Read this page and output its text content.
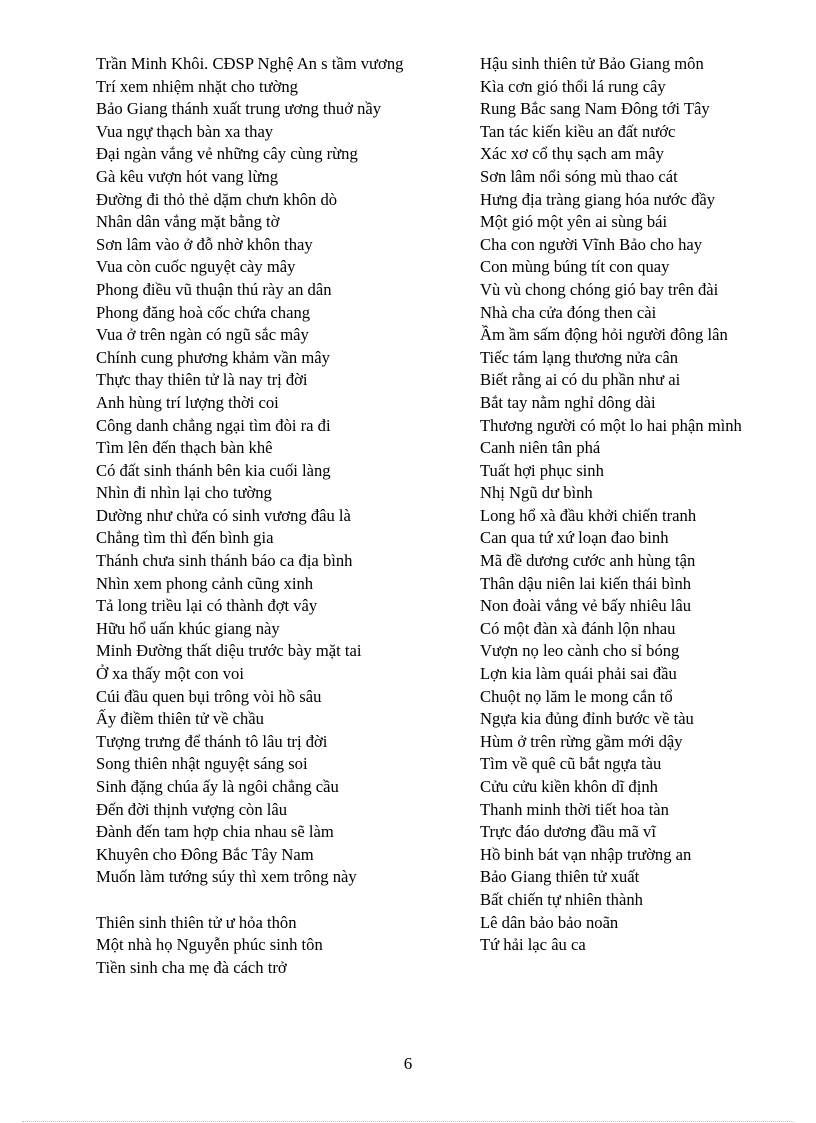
Trần Minh Khôi. CĐSP Nghệ An s tầm vương
Trí xem nhiệm nhặt cho tường
Bảo Giang thánh xuất trung ương thuở nầy
Vua ngự thạch bàn xa thay
Đại ngàn vắng vẻ những cây cùng rừng
Gà kêu vượn hót vang lừng
Đường đi thỏ thẻ dặm chưn khôn dò
Nhân dân vắng mặt bằng tờ
Sơn lâm vào ở đỗ nhờ khôn thay
Vua còn cuốc nguyệt cày mây
Phong điều vũ thuận thú rày an dân
Phong đăng hoà cốc chứa chang
Vua ở trên ngàn có ngũ sắc mây
Chính cung phương khảm vần mây
Thực thay thiên tử là nay trị đời
Anh hùng trí lượng thời coi
Công danh chẳng ngại tìm đòi ra đi
Tìm lên đến thạch bàn khê
Có đất sinh thánh bên kia cuối làng
Nhìn đi nhìn lại cho tường
Dường như chửa có sinh vương đâu là
Chẳng tìm thì đến bình gia
Thánh chưa sinh thánh báo ca địa bình
Nhìn xem phong cảnh cũng xinh
Tả long triều lại có thành đợt vây
Hữu hổ uấn khúc giang này
Minh Đường thất diệu trước bày mặt tai
Ở xa thấy một con voi
Cúi đầu quen bụi trông vòi hồ sâu
Ấy điềm thiên tử về chầu
Tượng trưng để thánh tô lâu trị đời
Song thiên nhật nguyệt sáng soi
Sinh đặng chúa ấy là ngôi chẳng cầu
Đến đời thịnh vượng còn lâu
Đành đến tam hợp chia nhau sẽ làm
Khuyên cho Đông Bắc Tây Nam
Muốn làm tướng súy thì xem trông này
Thiên sinh thiên tử ư hỏa thôn
Một nhà họ Nguyễn phúc sinh tôn
Tiền sinh cha mẹ đà cách trở
Hậu sinh thiên tử Bảo Giang môn
Kìa cơn gió thổi lá rung cây
Rung Bắc sang Nam Đông tới Tây
Tan tác kiến kiều an đất nước
Xác xơ cổ thụ sạch am mây
Sơn lâm nổi sóng mù thao cát
Hưng địa tràng giang hóa nước đầy
Một gió một yên ai sùng bái
Cha con người Vĩnh Bảo cho hay
Con mùng búng tít con quay
Vù vù chong chóng gió bay trên đài
Nhà cha cửa đóng then cài
Ầm ầm sấm động hỏi người đông lân
Tiếc tám lạng thương nửa cân
Biết rằng ai có du phần như ai
Bắt tay nằm nghỉ dông dài
Thương người có một lo hai phận mình
Canh niên tân phá
Tuất hợi phục sinh
Nhị Ngũ dư bình
Long hổ xà đầu khởi chiến tranh
Can qua tứ xứ loạn đao binh
Mã đề dương cước anh hùng tận
Thân dậu niên lai kiến thái bình
Non đoài vắng vẻ bấy nhiêu lâu
Có một đàn xà đánh lộn nhau
Vượn nọ leo cành cho sỉ bóng
Lợn kia làm quái phải sai đầu
Chuột nọ lăm le mong cắn tổ
Ngựa kia đủng đỉnh bước về tàu
Hùm ở trên rừng gầm mới dậy
Tìm về quê cũ bắt ngựa tàu
Cửu cửu kiền khôn dĩ định
Thanh minh thời tiết hoa tàn
Trực đáo dương đầu mã vĩ
Hồ binh bát vạn nhập trường an
Bảo Giang thiên tử xuất
Bất chiến tự nhiên thành
Lê dân bảo bảo noãn
Tứ hải lạc âu ca
6
